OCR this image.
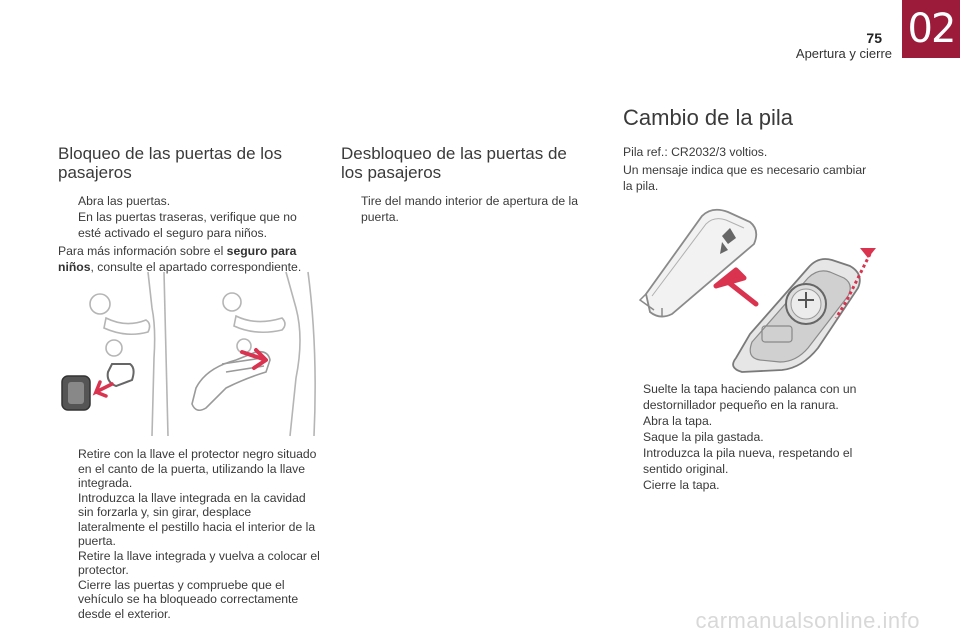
75
Apertura y cierre
02
Bloqueo de las puertas de los pasajeros
Abra las puertas.
En las puertas traseras, verifique que no esté activado el seguro para niños.

Para más información sobre el seguro para niños, consulte el apartado correspondiente.

Retire con la llave el protector negro situado en el canto de la puerta, utilizando la llave integrada.
Introduzca la llave integrada en la cavidad sin forzarla y, sin girar, desplace lateralmente el pestillo hacia el interior de la puerta.
Retire la llave integrada y vuelva a colocar el protector.
Cierre las puertas y compruebe que el vehículo se ha bloqueado correctamente desde el exterior.
Desbloqueo de las puertas de los pasajeros
Tire del mando interior de apertura de la puerta.
Cambio de la pila

Pila ref.: CR2032/3 voltios.

Un mensaje indica que es necesario cambiar la pila.

Suelte la tapa haciendo palanca con un destornillador pequeño en la ranura.
Abra la tapa.
Saque la pila gastada.
Introduzca la pila nueva, respetando el sentido original.
Cierre la tapa.
carmanualsonline.info
